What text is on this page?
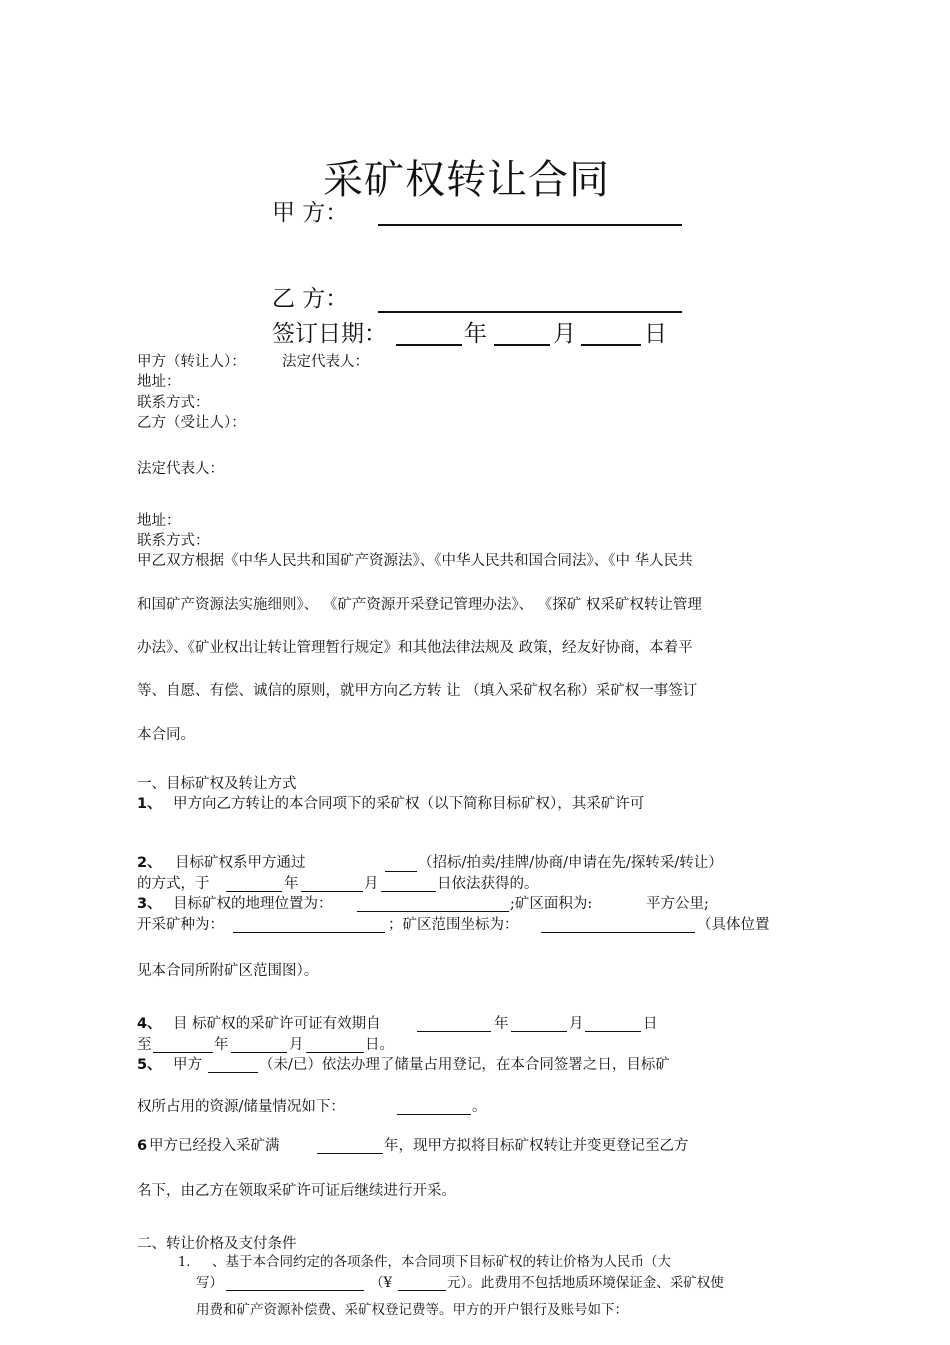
采矿权转让合同
甲 方：
乙 方：
签订日期：	年	月	日
甲方（转让人）：	法定代表人：
地址：
联系方式：
乙方（受让人）：
法定代表人：
地址：
联系方式：
甲乙双方根据《中华人民共和国矿产资源法》、《中华人民共和国合同法》、《中 华人民共
和国矿产资源法实施细则》、 《矿产资源开采登记管理办法》、 《探矿 权采矿权转让管理
办法》、《矿业权出让转让管理暂行规定》和其他法律法规及 政策，经友好协商，本着平
等、自愿、有偿、诚信的原则，就甲方向乙方转 让 （填入采矿权名称）采矿权一事签订
本合同。
一、目标矿权及转让方式
1、 甲方向乙方转让的本合同项下的采矿权（以下简称目标矿权），其采矿许可
2、 目标矿权系甲方通过	（招标/拍卖/挂牌/协商/申请在先/探转采/转让）
的方式，于	年	月	日依法获得的。
3、 目标矿权的地理位置为：	;矿区面积为:	平方公里;
开采矿种为：	；矿区范围坐标为：	（具体位置
见本合同所附矿区范围图）。
4、 目 标矿权的采矿许可证有效期自	年	月	日
至	年	月	日。
5、 甲方	（未/已）依法办理了储量占用登记，在本合同签署之日，目标矿
权所占用的资源/储量情况如下：	。
6 甲方已经投入采矿满	年，现甲方拟将目标矿权转让并变更登记至乙方
名下，由乙方在领取采矿许可证后继续进行开采。
二、转让价格及支付条件
1. 、基于本合同约定的各项条件，本合同项下目标矿权的转让价格为人民币（大
写）	（¥	元）。此费用不包括地质环境保证金、采矿权使
用费和矿产资源补偿费、采矿权登记费等。甲方的开户银行及账号如下：
